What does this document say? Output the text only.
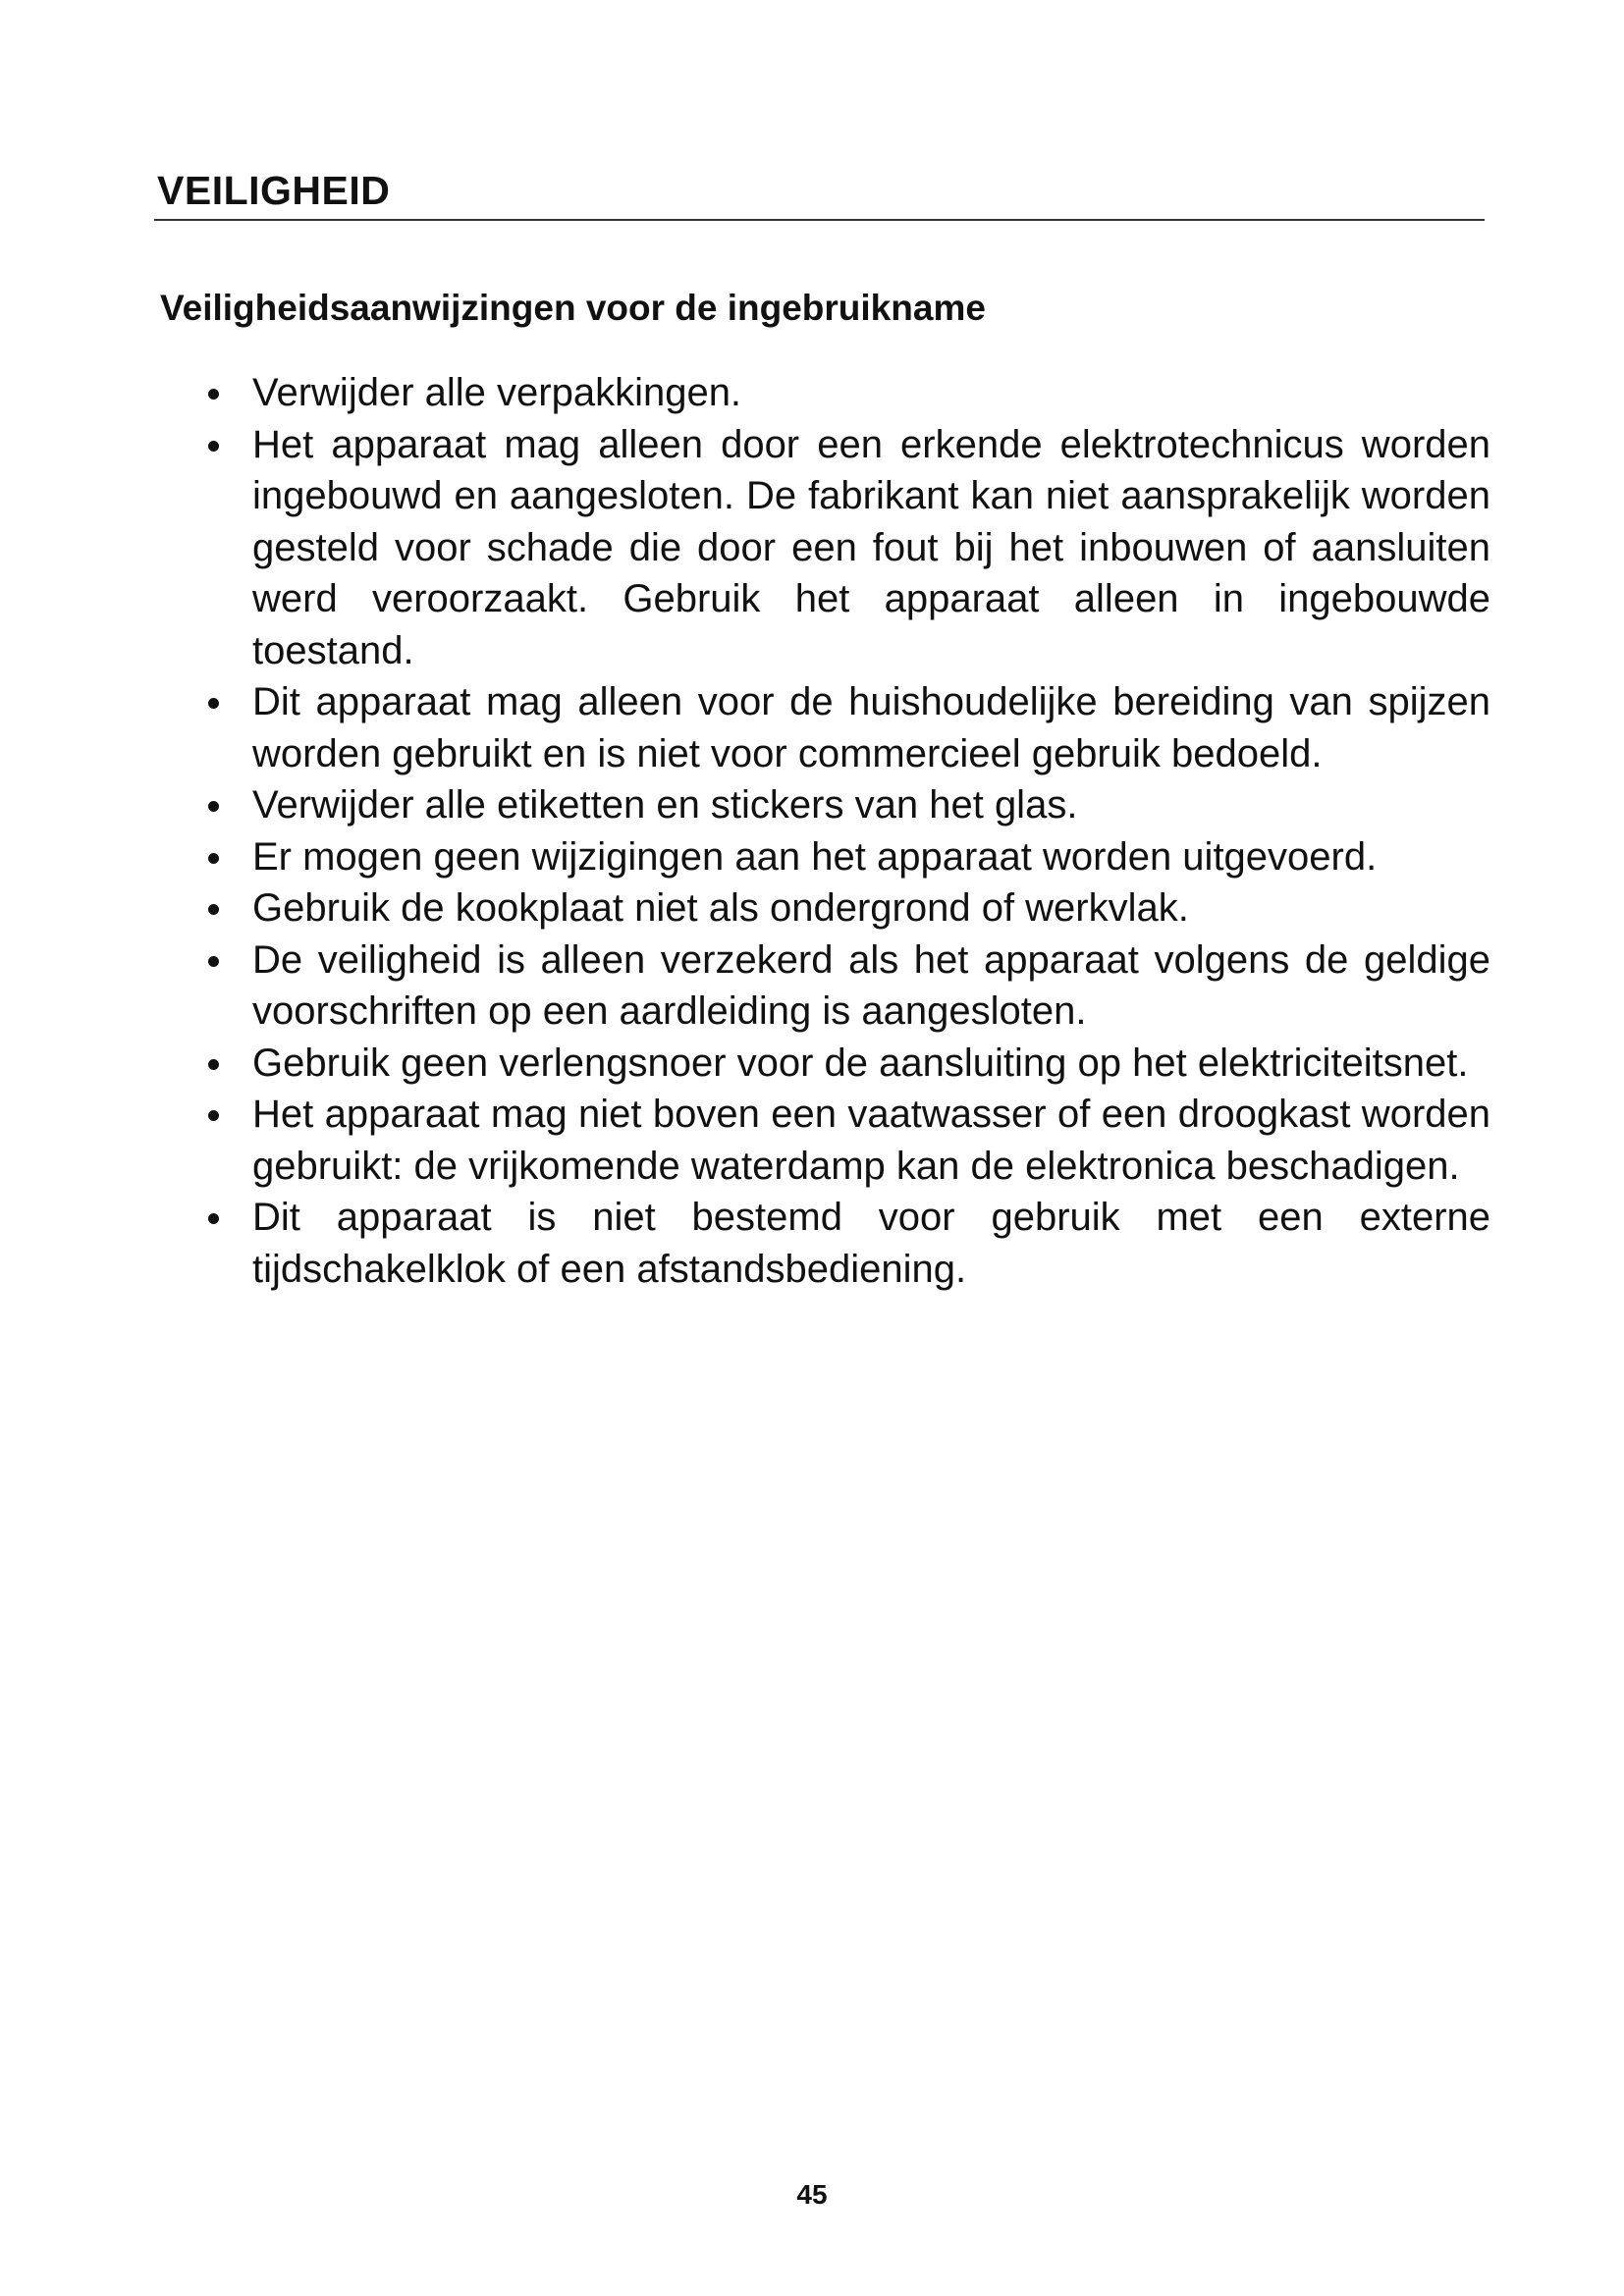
VEILIGHEID
Veiligheidsaanwijzingen voor de ingebruikname
Verwijder alle verpakkingen.
Het apparaat mag alleen door een erkende elektrotechnicus worden ingebouwd en aangesloten. De fabrikant kan niet aansprakelijk worden gesteld voor schade die door een fout bij het inbouwen of aansluiten werd veroorzaakt. Gebruik het apparaat alleen in ingebouwde toestand.
Dit apparaat mag alleen voor de huishoudelijke bereiding van spijzen worden gebruikt en is niet voor commercieel gebruik bedoeld.
Verwijder alle etiketten en stickers van het glas.
Er mogen geen wijzigingen aan het apparaat worden uitgevoerd.
Gebruik de kookplaat niet als ondergrond of werkvlak.
De veiligheid is alleen verzekerd als het apparaat volgens de geldige voorschriften op een aardleiding is aangesloten.
Gebruik geen verlengsnoer voor de aansluiting op het elektriciteitsnet.
Het apparaat mag niet boven een vaatwasser of een droogkast worden gebruikt: de vrijkomende waterdamp kan de elektronica beschadigen.
Dit apparaat is niet bestemd voor gebruik met een externe tijdschakelklok of een afstandsbediening.
45
